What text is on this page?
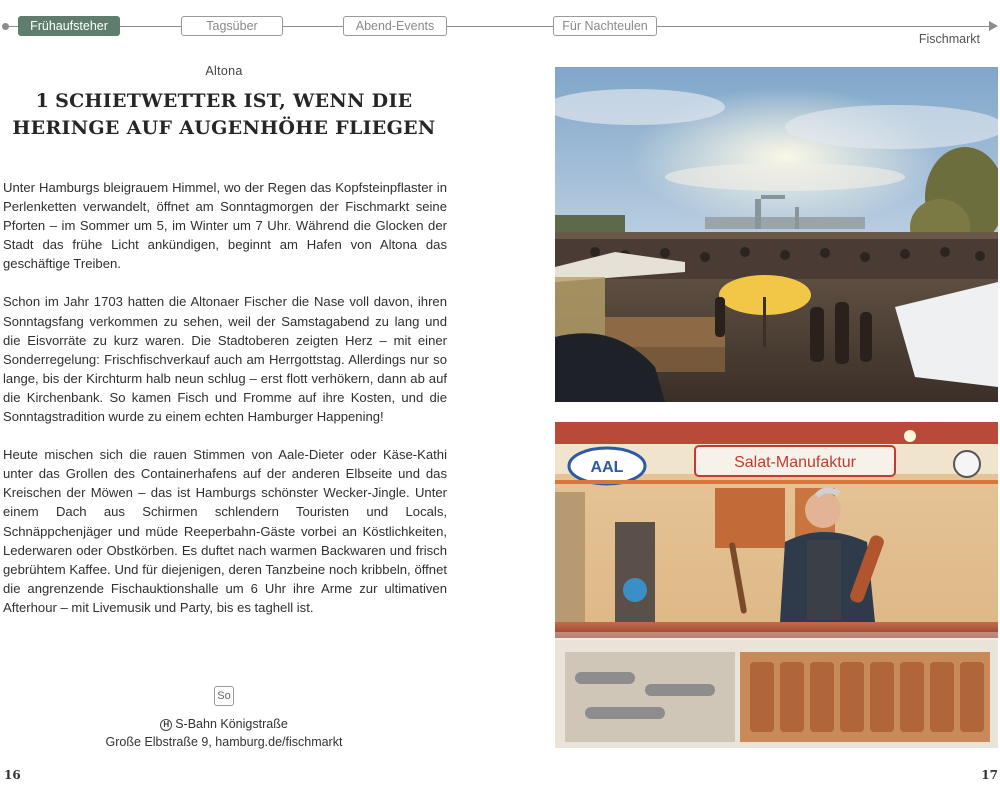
Frühaufsteher	Tagsüber	Abend-Events	Für Nachteulen
Fischmarkt
Altona
1 SCHIETWETTER IST, WENN DIE
HERINGE AUF AUGENHÖHE FLIEGEN

Unter Hamburgs bleigrauem Himmel, wo der Regen das Kopfsteinpflaster in Perlenketten verwandelt, öffnet am Sonntagmorgen der Fischmarkt seine Pforten – im Sommer um 5, im Winter um 7 Uhr. Während die Glocken der Stadt das frühe Licht ankündigen, beginnt am Hafen von Altona das geschäftige Treiben.

Schon im Jahr 1703 hatten die Altonaer Fischer die Nase voll davon, ihren Sonntagsfang verkommen zu sehen, weil der Samstagabend zu lang und die Eisvorräte zu kurz waren. Die Stadtoberen zeigten Herz – mit einer Sonderregelung: Frischfischverkauf auch am Herrgottstag. Allerdings nur so lange, bis der Kirchturm halb neun schlug – erst flott verhökern, dann ab auf die Kirchenbank. So kamen Fisch und Fromme auf ihre Kosten, und die Sonntagstradition wurde zu einem echten Hamburger Happening!

Heute mischen sich die rauen Stimmen von Aale-Dieter oder Käse-Kathi unter das Grollen des Containerhafens auf der anderen Elbseite und das Kreischen der Möwen – das ist Hamburgs schönster Wecker-Jingle. Unter einem Dach aus Schirmen schlendern Touristen und Locals, Schnäppchenjäger und müde Reeperbahn-Gäste vorbei an Köstlichkeiten, Lederwaren oder Obstkörben. Es duftet nach warmen Backwaren und frisch gebrühtem Kaffee. Und für diejenigen, deren Tanzbeine noch kribbeln, öffnet die angrenzende Fischauktionshalle um 6 Uhr ihre Arme zur ultimativen Afterhour – mit Livemusik und Party, bis es taghell ist.

So
H S-Bahn Königstraße
Große Elbstraße 9, hamburg.de/fischmarkt
16	17
Salat-Manufaktur
AAL
